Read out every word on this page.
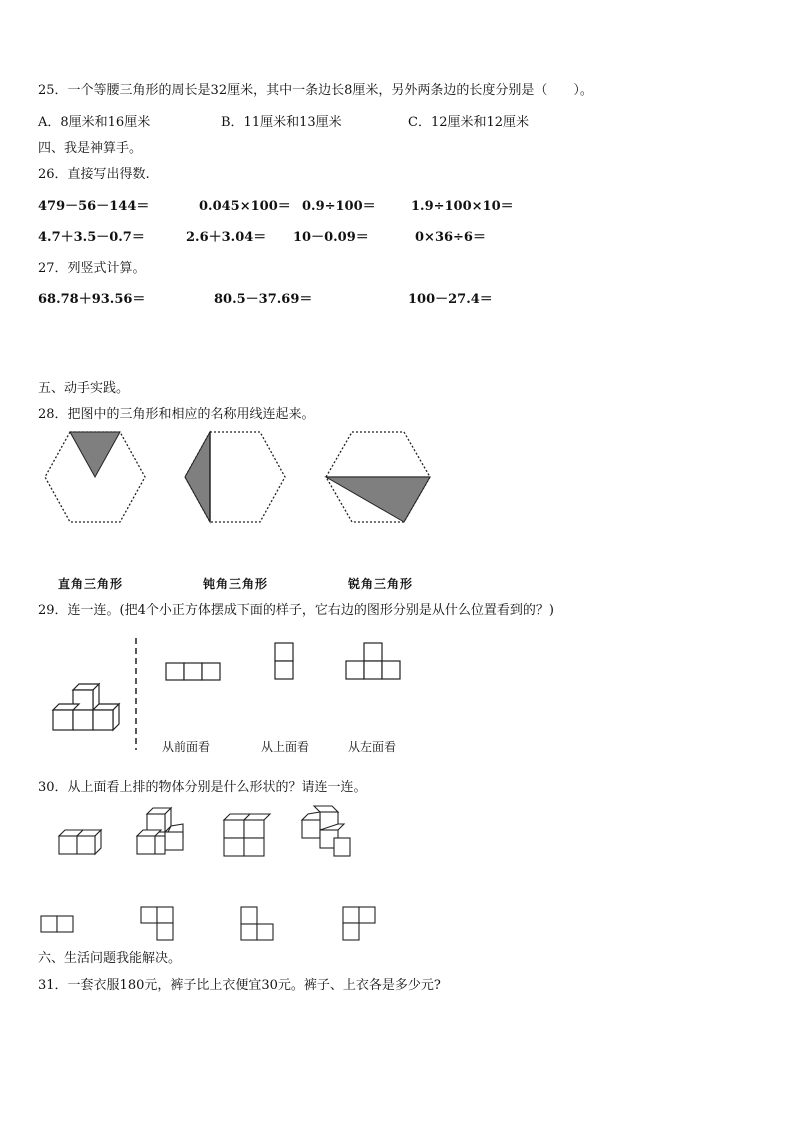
25．一个等腰三角形的周长是32厘米，其中一条边长8厘米，另外两条边的长度分别是（　　）。
A．8厘米和16厘米	B．11厘米和13厘米	C．12厘米和12厘米
四、我是神算手。
26．直接写出得数.
479－56－144＝	0.045×100＝ 0.9÷100＝	1.9÷100×10＝
4.7＋3.5－0.7＝	2.6＋3.04＝ 10－0.09＝	0×36÷6＝
27．列竖式计算。
68.78＋93.56＝	80.5－37.69＝	100－27.4＝
五、动手实践。
28．把图中的三角形和相应的名称用线连起来。
直角三角形	钝角三角形	锐角三角形
29．连一连。(把4个小正方体摆成下面的样子，它右边的图形分别是从什么位置看到的？)
从前面看	从上面看	从左面看
30．从上面看上排的物体分别是什么形状的？请连一连。
六、生活问题我能解决。
31．一套衣服180元，裤子比上衣便宜30元。裤子、上衣各是多少元?
